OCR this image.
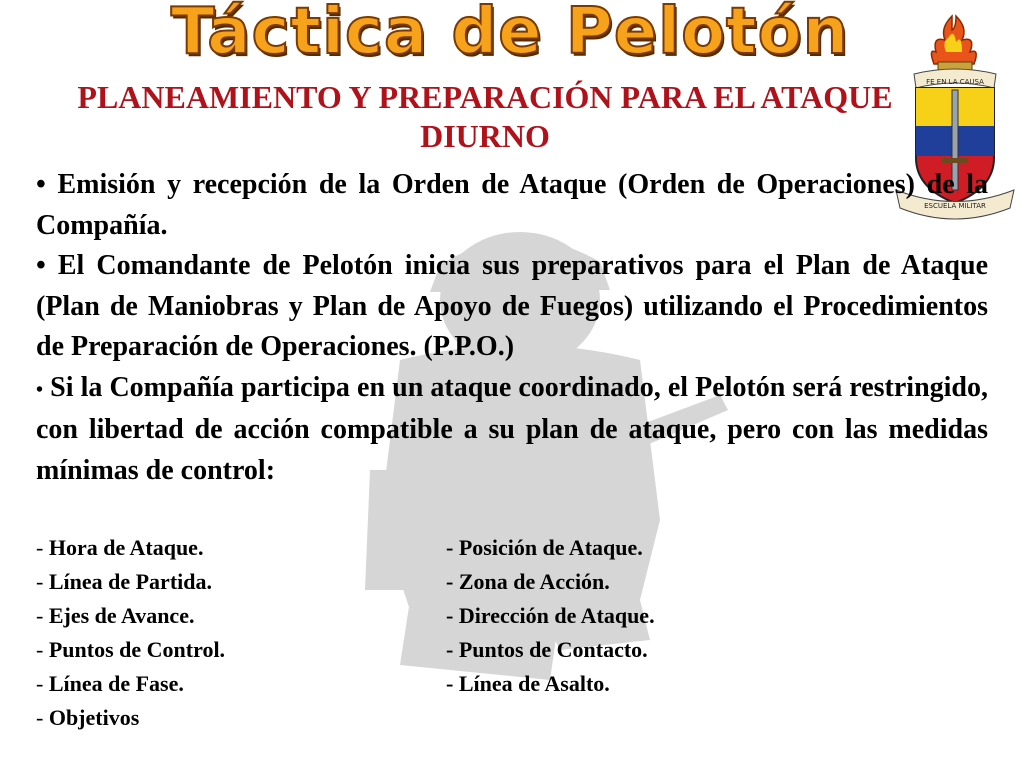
Táctica de Pelotón
PLANEAMIENTO Y PREPARACIÓN PARA EL ATAQUE DIURNO
FE EN LA CAUSA
ESCUELA MILITAR

• Emisión y recepción de la Orden de Ataque (Orden de Operaciones) de la Compañía.

• El Comandante de Pelotón inicia sus preparativos para el Plan de Ataque (Plan de Maniobras y Plan de Apoyo de Fuegos) utilizando el Procedimientos de Preparación de Operaciones. (P.P.O.)

• Si la Compañía participa en un ataque coordinado, el Pelotón será restringido, con libertad de acción compatible a su plan de ataque, pero con las medidas mínimas de control:

- Hora de Ataque.	- Posición de Ataque.
- Línea de Partida.	- Zona de Acción.
- Ejes de Avance.	- Dirección de Ataque.
- Puntos de Control.	- Puntos de Contacto.
- Línea de Fase.	- Línea de Asalto.
- Objetivos
